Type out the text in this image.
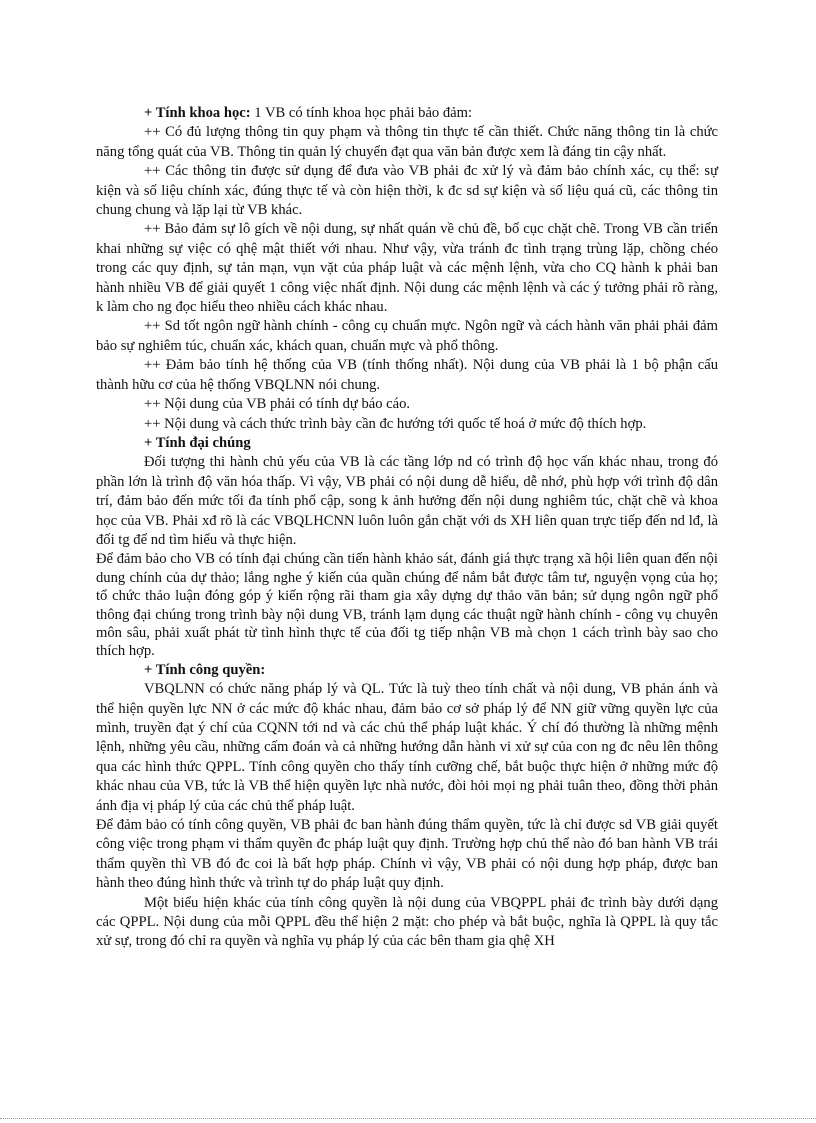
+ Tính khoa học: 1 VB có tính khoa học phải bảo đảm:

++ Có đủ lượng thông tin quy phạm và thông tin thực tế cần thiết. Chức năng thông tin là chức năng tổng quát của VB. Thông tin quản lý chuyển đạt qua văn bản được xem là đáng tin cậy nhất.

++ Các thông tin được sử dụng để đưa vào VB phải đc xử lý và đảm bảo chính xác, cụ thể: sự kiện và số liệu chính xác, đúng thực tế và còn hiện thời, k đc sd sự kiện và số liệu quá cũ, các thông tin chung chung và lặp lại từ VB khác.

++ Bảo đảm sự lô gích về nội dung, sự nhất quán về chủ đề, bố cục chặt chẽ. Trong VB cần triển khai những sự việc có qhệ mật thiết với nhau. Như vậy, vừa tránh đc tình trạng trùng lặp, chồng chéo trong các quy định, sự tản mạn, vụn vặt của pháp luật và các mệnh lệnh, vừa cho CQ hành k phải ban hành nhiều VB để giải quyết 1 công việc nhất định. Nội dung các mệnh lệnh và các ý tưởng phải rõ ràng, k làm cho ng đọc hiểu theo nhiều cách khác nhau.

++ Sd tốt ngôn ngữ hành chính - công cụ chuẩn mực. Ngôn ngữ và cách hành văn phải phải đảm bảo sự nghiêm túc, chuẩn xác, khách quan, chuẩn mực và phổ thông.

++ Đảm bảo tính hệ thống của VB (tính thống nhất). Nội dung của VB phải là 1 bộ phận cấu thành hữu cơ của hệ thống VBQLNN nói chung.

++ Nội dung của VB phải có tính dự báo cáo.

++ Nội dung và cách thức trình bày cần đc hướng tới quốc tế hoá ở mức độ thích hợp.

+ Tính đại chúng

Đối tượng thi hành chủ yếu của VB là các tầng lớp nd có trình độ học vấn khác nhau, trong đó phần lớn là trình độ văn hóa thấp. Vì vậy, VB phải có nội dung dễ hiểu, dễ nhớ, phù hợp với trình độ dân trí, đảm bảo đến mức tối đa tính phổ cập, song k ảnh hưởng đến nội dung nghiêm túc, chặt chẽ và khoa học của VB. Phải xđ rõ là các VBQLHCNN luôn luôn gắn chặt với ds XH liên quan trực tiếp đến nd lđ, là đối tg để nd tìm hiểu và thực hiện.

Để đảm bảo cho VB có tính đại chúng cần tiến hành khảo sát, đánh giá thực trạng xã hội liên quan đến nội dung chính của dự thảo; lắng nghe ý kiến của quần chúng để nắm bắt được tâm tư, nguyện vọng của họ; tổ chức thảo luận đóng góp ý kiến rộng rãi tham gia xây dựng dự thảo văn bản; sử dụng ngôn ngữ phổ thông đại chúng trong trình bày nội dung VB, tránh lạm dụng các thuật ngữ hành chính - công vụ chuyên môn sâu, phải xuất phát từ tình hình thực tế của đối tg tiếp nhận VB mà chọn 1 cách trình bày sao cho thích hợp.

+ Tính công quyền:

VBQLNN có chức năng pháp lý và QL. Tức là tuỳ theo tính chất và nội dung, VB phản ánh và thể hiện quyền lực NN ở các mức độ khác nhau, đảm bảo cơ sở pháp lý để NN giữ vững quyền lực của mình, truyền đạt ý chí của CQNN tới nd và các chủ thể pháp luật khác. Ý chí đó thường là những mệnh lệnh, những yêu cầu, những cấm đoán và cả những hướng dẫn hành vi xử sự của con ng đc nêu lên thông qua các hình thức QPPL. Tính công quyền cho thấy tính cưỡng chế, bắt buộc thực hiện ở những mức độ khác nhau của VB, tức là VB thể hiện quyền lực nhà nước, đòi hỏi mọi ng phải tuân theo, đồng thời phản ánh địa vị pháp lý của các chủ thể pháp luật.

Để đảm bảo có tính công quyền, VB phải đc ban hành đúng thẩm quyền, tức là chỉ được sd VB giải quyết công việc trong phạm vi thẩm quyền đc pháp luật quy định. Trường hợp chủ thể nào đó ban hành VB trái thẩm quyền thì VB đó đc coi là bất hợp pháp. Chính vì vậy, VB phải có nội dung hợp pháp, được ban hành theo đúng hình thức và trình tự do pháp luật quy định.

Một biểu hiện khác của tính công quyền là nội dung của VBQPPL phải đc trình bày dưới dạng các QPPL. Nội dung của mỗi QPPL đều thể hiện 2 mặt: cho phép và bắt buộc, nghĩa là QPPL là quy tắc xử sự, trong đó chỉ ra quyền và nghĩa vụ pháp lý của các bên tham gia qhệ XH
